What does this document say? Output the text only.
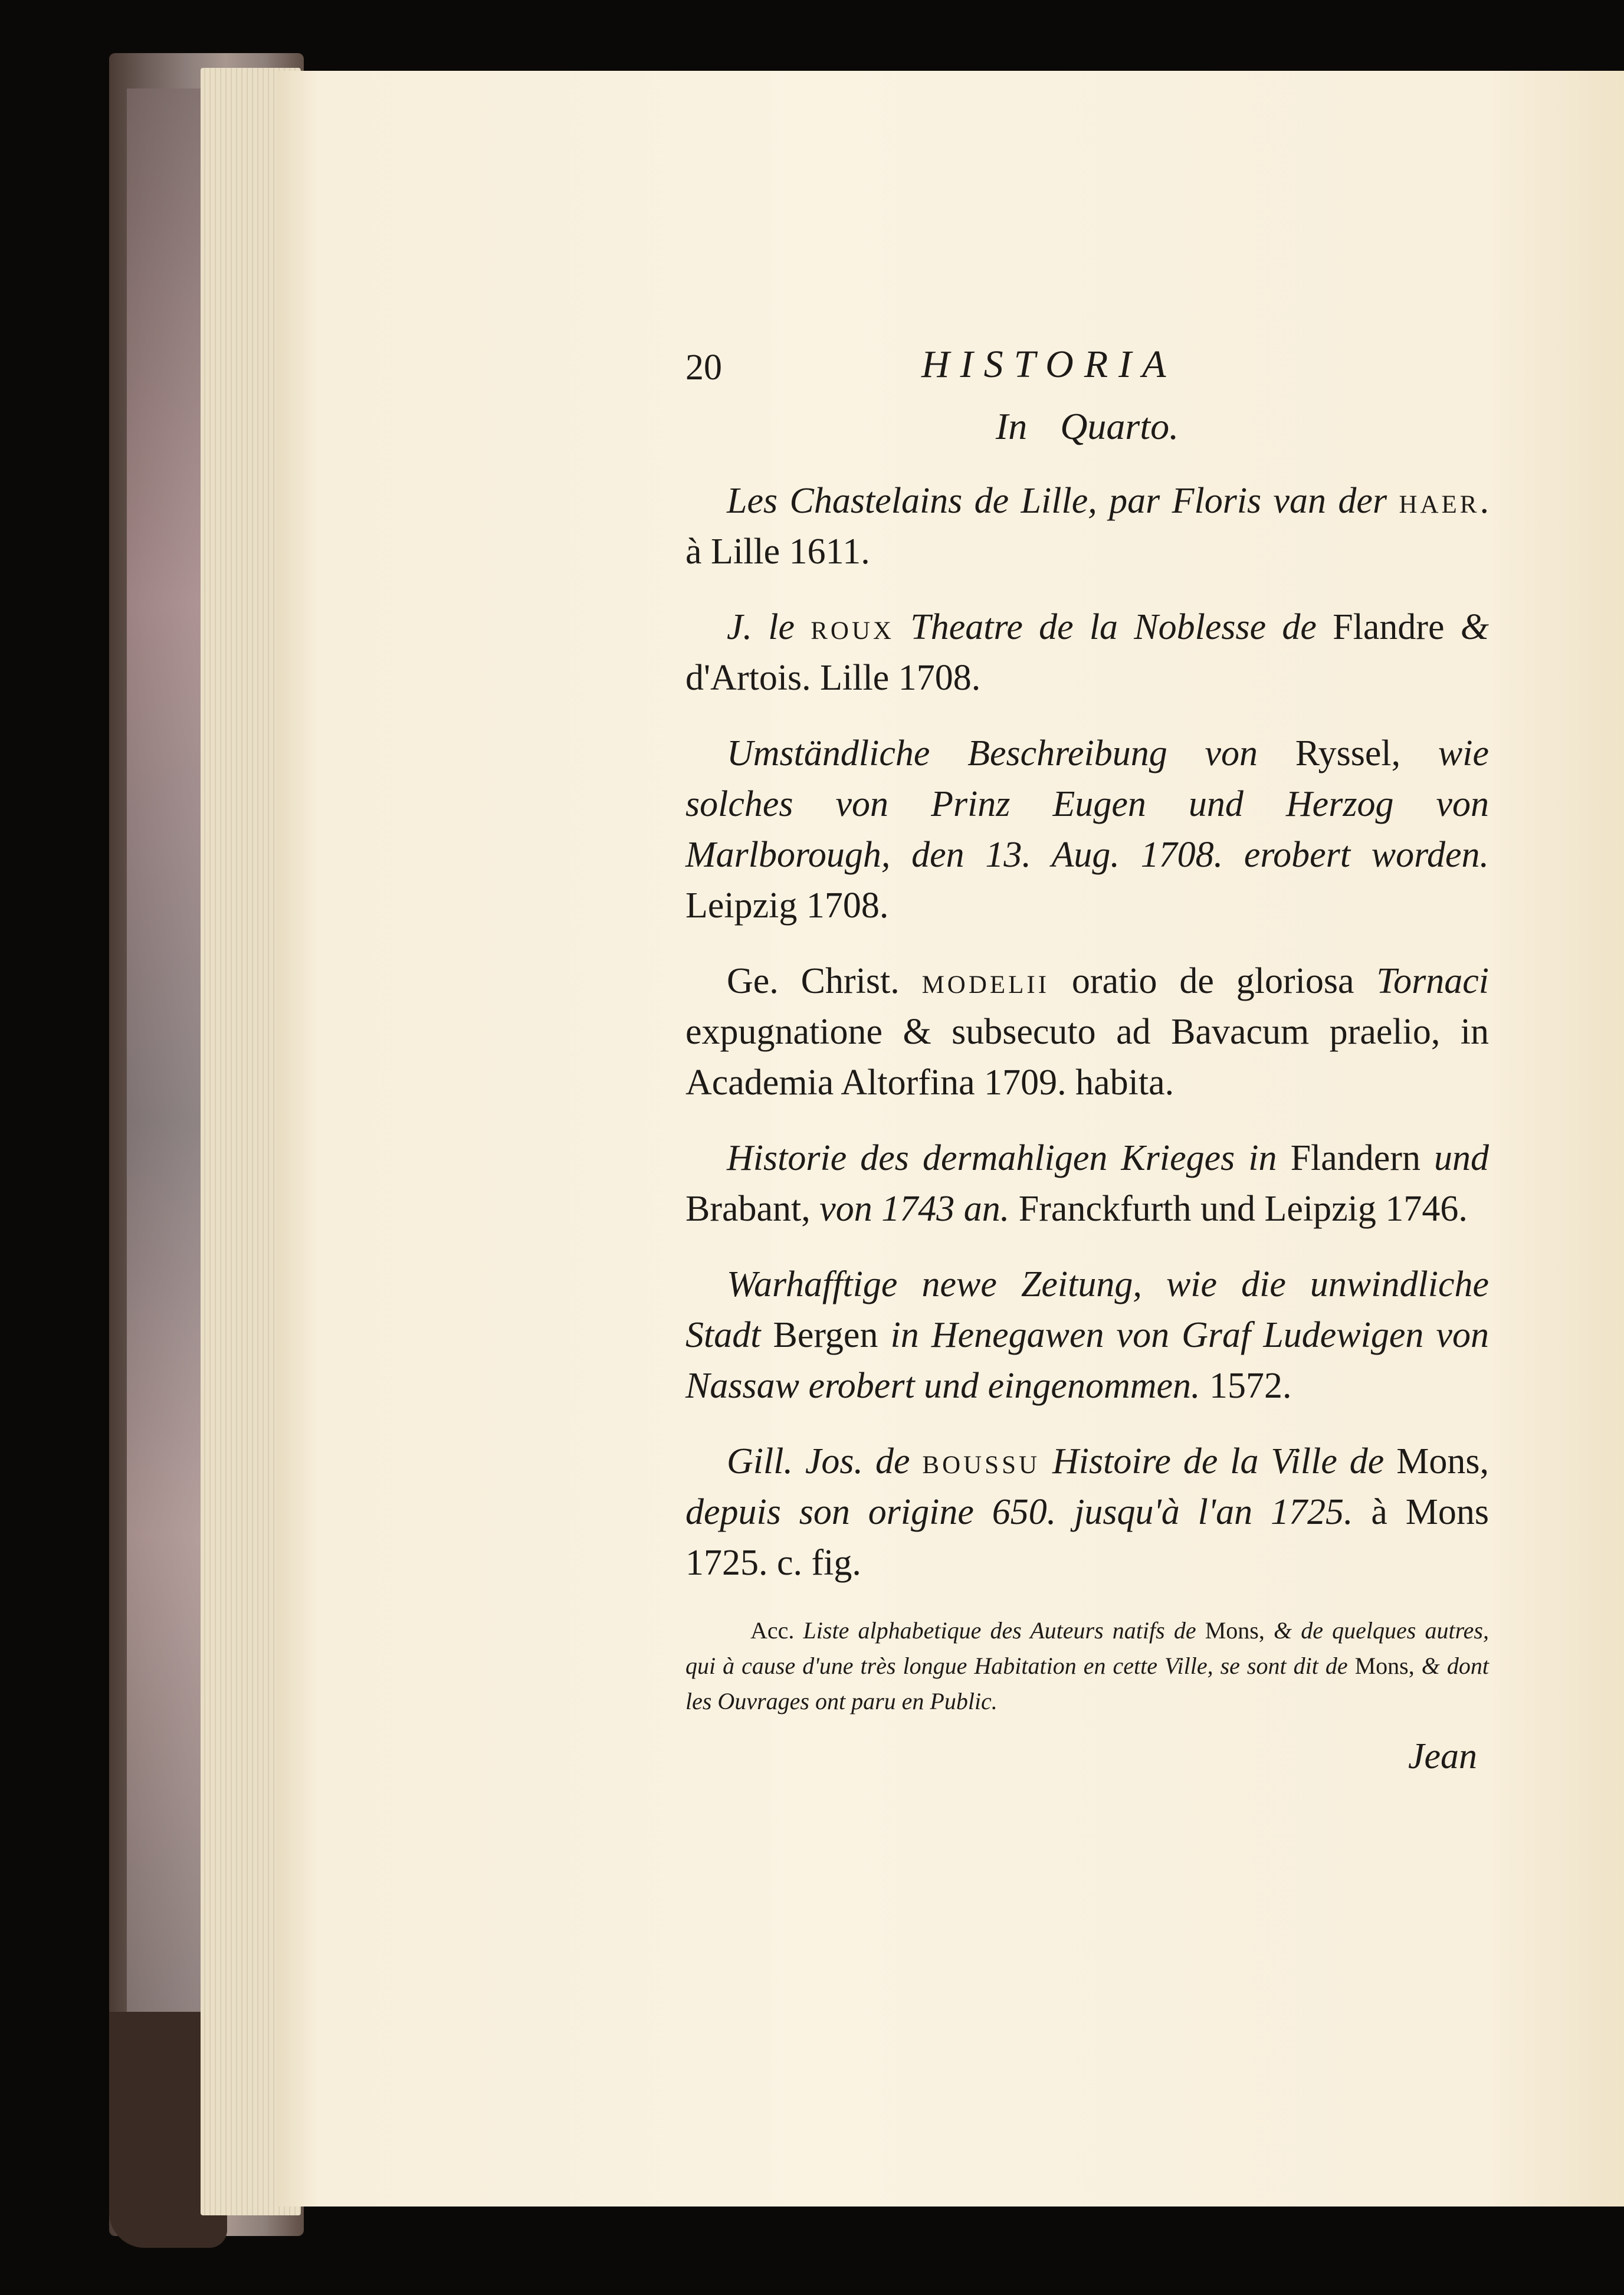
20	HISTORIA
In Quarto.

Les Chastelains de Lille, par Floris van der haer. à Lille 1611.

J. le roux Theatre de la Noblesse de Flandre & d'Artois. Lille 1708.

Umständliche Beschreibung von Ryssel, wie solches von Prinz Eugen und Herzog von Marlborough, den 13. Aug. 1708. erobert worden. Leipzig 1708.

Ge. Christ. modelii oratio de gloriosa Tornaci expugnatione & subsecuto ad Bavacum praelio, in Academia Altorfina 1709. habita.

Historie des dermahligen Krieges in Flandern und Brabant, von 1743 an. Franckfurth und Leipzig 1746.

Warhafftige newe Zeitung, wie die unwindliche Stadt Bergen in Henegawen von Graf Ludewigen von Nassaw erobert und eingenommen. 1572.

Gill. Jos. de boussu Histoire de la Ville de Mons, depuis son origine 650. jusqu'à l'an 1725. à Mons 1725. c. fig.

Acc. Liste alphabetique des Auteurs natifs de Mons, & de quelques autres, qui à cause d'une très longue Habitation en cette Ville, se sont dit de Mons, & dont les Ouvrages ont paru en Public.

Jean
